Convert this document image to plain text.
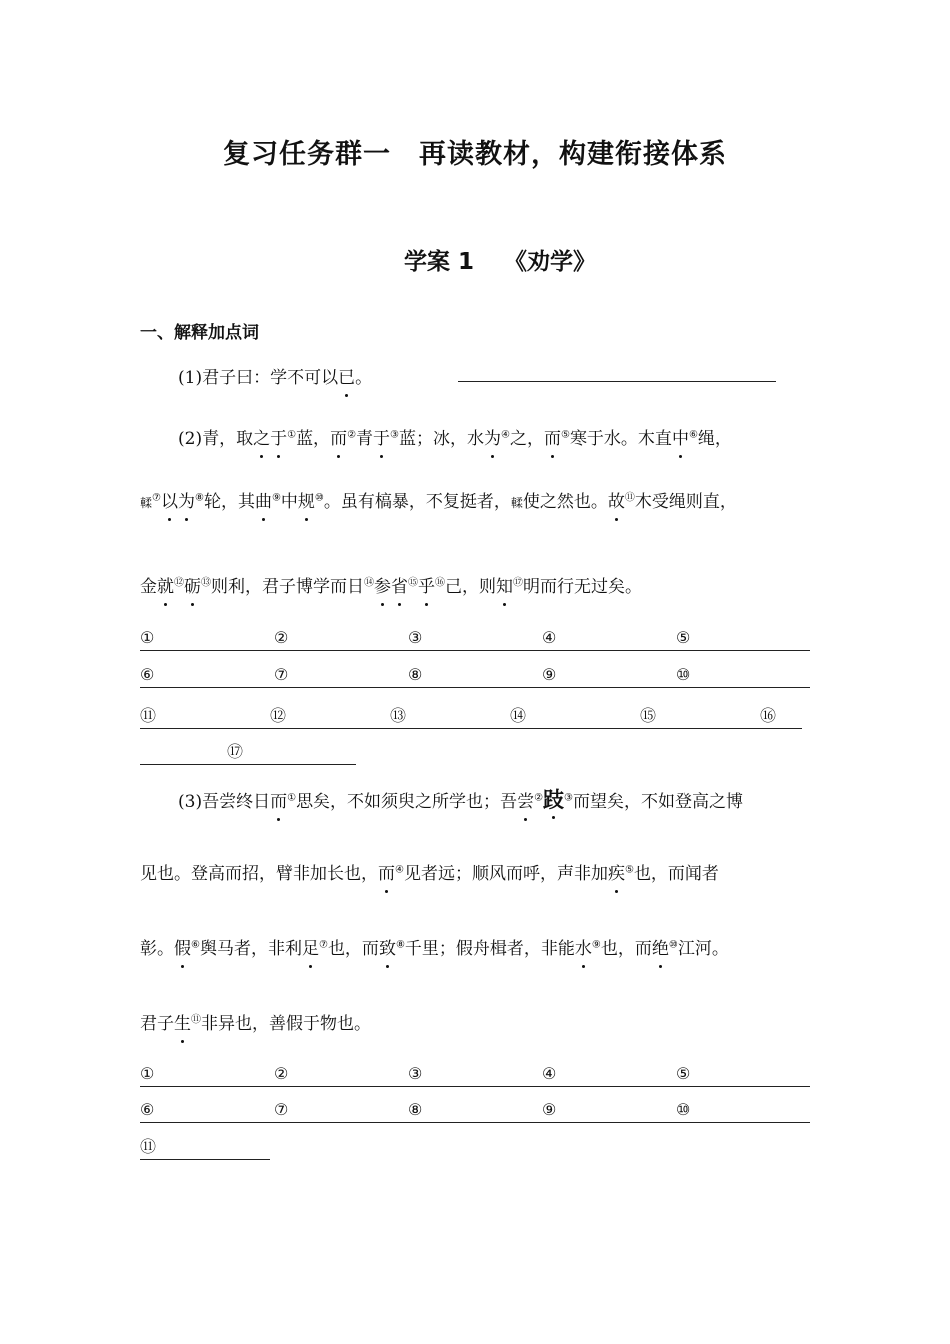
复习任务群一　再读教材，构建衔接体系
学案 1 《劝学》
一、解释加点词
(1)君子曰：学不可以已。
(2)青，取之于①蓝，而②青于③蓝；冰，水为④之，而⑤寒于水。木直中⑥绳，
輮⑦以为⑧轮，其曲⑨中规⑩。虽有槁暴，不复挺者，輮使之然也。故⑪木受绳则直，
金就⑫砺⑬则利，君子博学而日⑭参省⑮乎⑯己，则知⑰明而行无过矣。
①	②	③	④	⑤
⑥	⑦	⑧	⑨	⑩
⑪	⑫	⑬	⑭	⑮	⑯
⑰
(3)吾尝终日而①思矣，不如须臾之所学也；吾尝②跂③而望矣，不如登高之博
见也。登高而招，臂非加长也，而④见者远；顺风而呼，声非加疾⑤也，而闻者
彰。假⑥舆马者，非利足⑦也，而致⑧千里；假舟楫者，非能水⑨也，而绝⑩江河。
君子生⑪非异也，善假于物也。
①	②	③	④	⑤
⑥	⑦	⑧	⑨	⑩
⑪
